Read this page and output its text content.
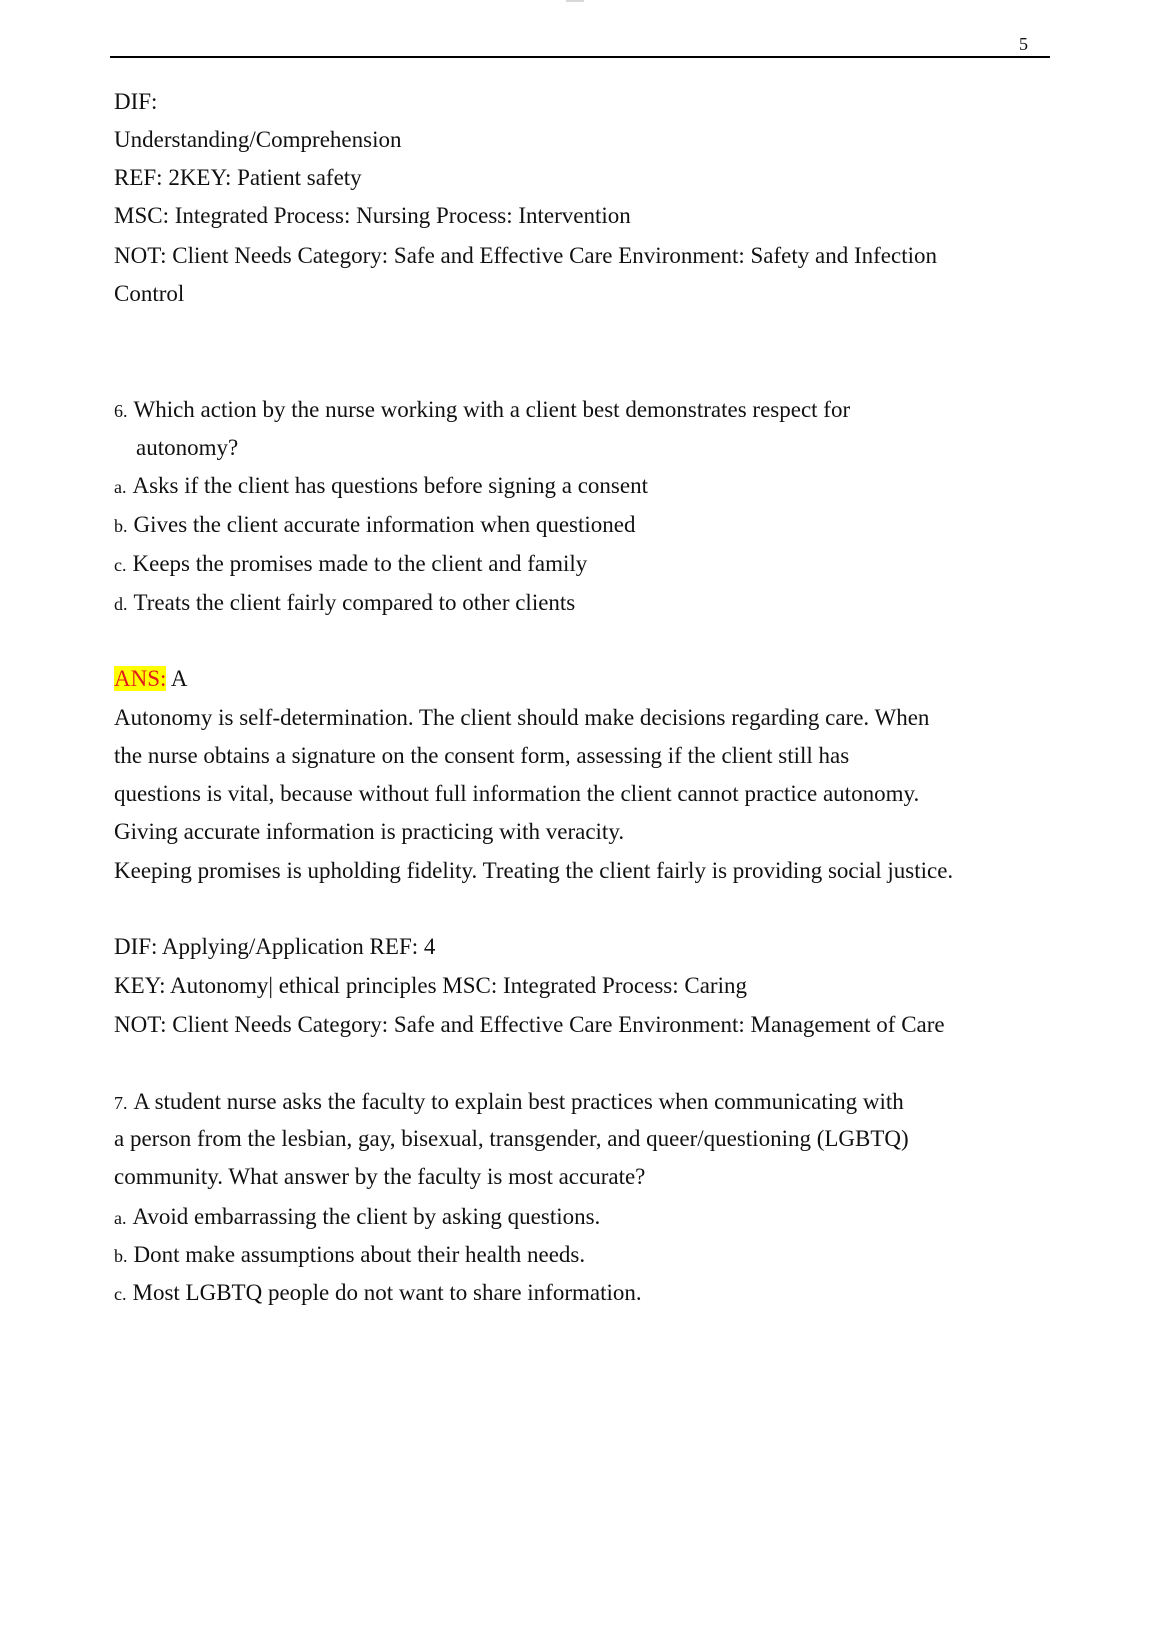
5
DIF:
Understanding/Comprehension
REF: 2KEY: Patient safety
MSC: Integrated Process: Nursing Process: Intervention
NOT: Client Needs Category: Safe and Effective Care Environment: Safety and Infection
Control
6. Which action by the nurse working with a client best demonstrates respect for
autonomy?
a. Asks if the client has questions before signing a consent
b. Gives the client accurate information when questioned
c. Keeps the promises made to the client and family
d. Treats the client fairly compared to other clients
ANS: A
Autonomy is self-determination. The client should make decisions regarding care. When
the nurse obtains a signature on the consent form, assessing if the client still has
questions is vital, because without full information the client cannot practice autonomy.
Giving accurate information is practicing with veracity.
Keeping promises is upholding fidelity. Treating the client fairly is providing social justice.
DIF: Applying/Application REF: 4
KEY: Autonomy| ethical principles MSC: Integrated Process: Caring
NOT: Client Needs Category: Safe and Effective Care Environment: Management of Care
7. A student nurse asks the faculty to explain best practices when communicating with
a person from the lesbian, gay, bisexual, transgender, and queer/questioning (LGBTQ)
community. What answer by the faculty is most accurate?
a. Avoid embarrassing the client by asking questions.
b. Dont make assumptions about their health needs.
c. Most LGBTQ people do not want to share information.
